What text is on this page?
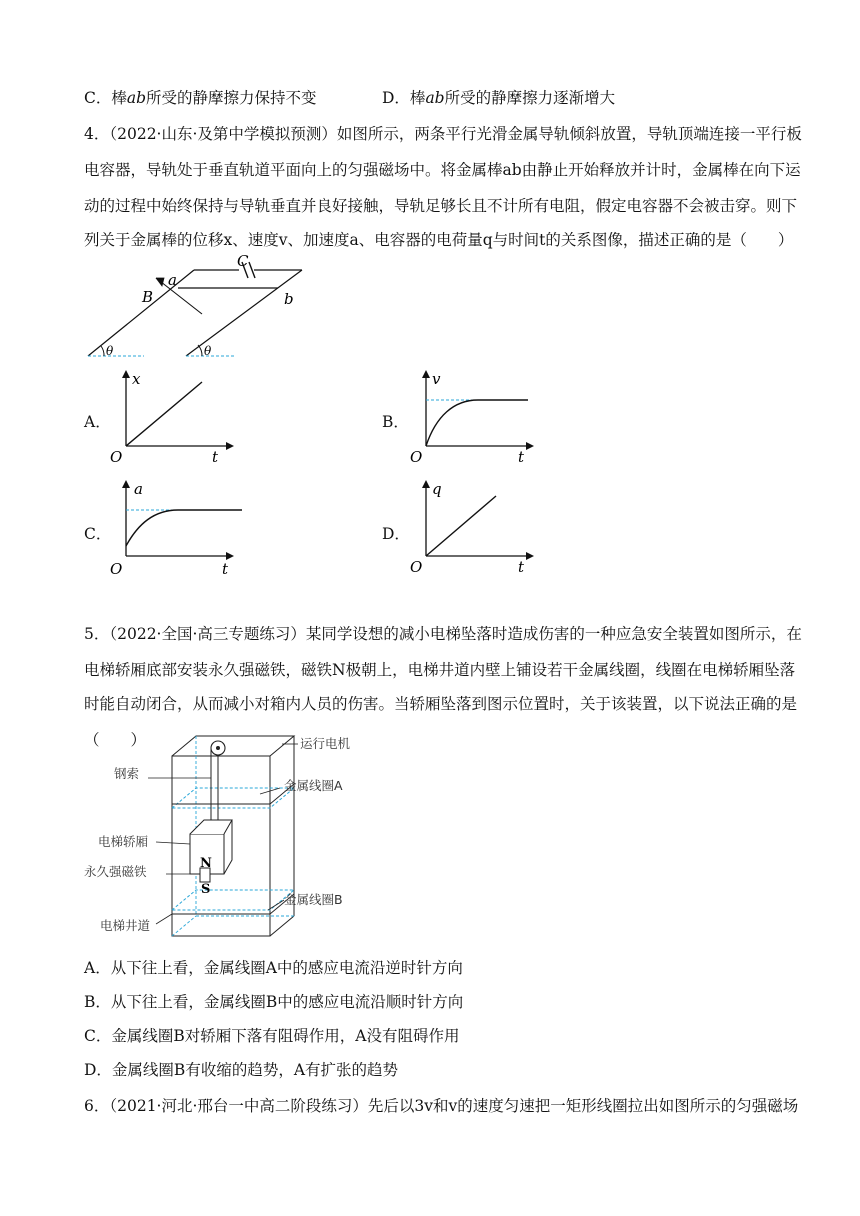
C．棒ab所受的静摩擦力保持不变	D．棒ab所受的静摩擦力逐渐增大
4．（2022·山东·及第中学模拟预测）如图所示，两条平行光滑金属导轨倾斜放置，导轨顶端连接一平行板
电容器，导轨处于垂直轨道平面向上的匀强磁场中。将金属棒ab由静止开始释放并计时，金属棒在向下运
动的过程中始终保持与导轨垂直并良好接触，导轨足够长且不计所有电阻，假定电容器不会被击穿。则下
列关于金属棒的位移x、速度v、加速度a、电容器的电荷量q与时间t的关系图像，描述正确的是（　　）
C
B
a
b
θ	θ
A．
x
t
O
B．
v
t
O
C．
a
t
O
D．
q
t
O
5．（2022·全国·高三专题练习）某同学设想的减小电梯坠落时造成伤害的一种应急安全装置如图所示，在
电梯轿厢底部安装永久强磁铁，磁铁N极朝上，电梯井道内壁上铺设若干金属线圈，线圈在电梯轿厢坠落
时能自动闭合，从而减小对箱内人员的伤害。当轿厢坠落到图示位置时，关于该装置，以下说法正确的是
（　　）
N
S
运行电机
钢索
金属线圈A
电梯轿厢
永久强磁铁
金属线圈B
电梯井道
A．从下往上看，金属线圈A中的感应电流沿逆时针方向
B．从下往上看，金属线圈B中的感应电流沿顺时针方向
C．金属线圈B对轿厢下落有阻碍作用，A没有阻碍作用
D．金属线圈B有收缩的趋势，A有扩张的趋势
6．（2021·河北·邢台一中高二阶段练习）先后以3v和v的速度匀速把一矩形线圈拉出如图所示的匀强磁场
